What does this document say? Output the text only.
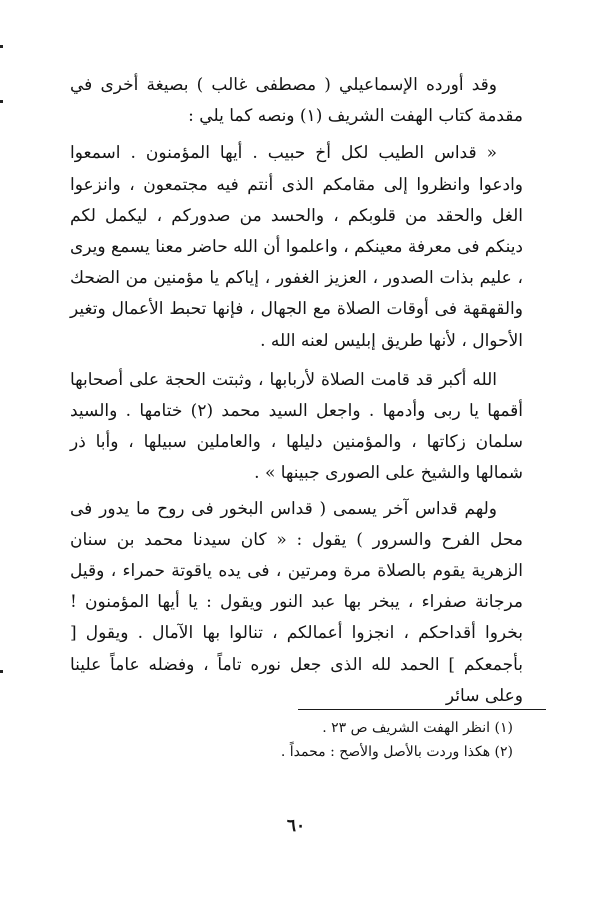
وقد أورده الإسماعيلي ( مصطفى غالب ) بصيغة أخرى في مقدمة كتاب الهفت الشريف (١) ونصه كما يلي :

« قداس الطيب لكل أخ حبيب . أيها المؤمنون . اسمعوا وادعوا وانظروا إلى مقامكم الذى أنتم فيه مجتمعون ، وانزعوا الغل والحقد من قلوبكم ، والحسد من صدوركم ، ليكمل لكم دينكم فى معرفة معينكم ، واعلموا أن الله حاضر معنا يسمع ويرى ، عليم بذات الصدور ، العزيز الغفور ، إياكم يا مؤمنين من الضحك والقهقهة فى أوقات الصلاة مع الجهال ، فإنها تحبط الأعمال وتغير الأحوال ، لأنها طريق إبليس لعنه الله .

الله أكبر قد قامت الصلاة لأربابها ، وثبتت الحجة على أصحابها أقمها يا ربى وأدمها . واجعل السيد محمد (٢) ختامها . والسيد سلمان زكاتها ، والمؤمنين دليلها ، والعاملين سبيلها ، وأبا ذر شمالها والشيخ على الصورى جبينها » .

ولهم قداس آخر يسمى ( قداس البخور فى روح ما يدور فى محل الفرح والسرور ) يقول : « كان سيدنا محمد بن سنان الزهرية يقوم بالصلاة مرة ومرتين ، فى يده ياقوتة حمراء ، وقيل مرجانة صفراء ، يبخر بها عبد النور ويقول : يا أيها المؤمنون ! بخروا أقداحكم ، انجزوا أعمالكم ، تنالوا بها الآمال . ويقول [ بأجمعكم ] الحمد لله الذى جعل نوره تاماً ، وفضله عاماً علينا وعلى سائر

(١) انظر الهفت الشريف ص ٢٣ .
(٢) هكذا وردت بالأصل والأصح : محمداً .
٦٠
